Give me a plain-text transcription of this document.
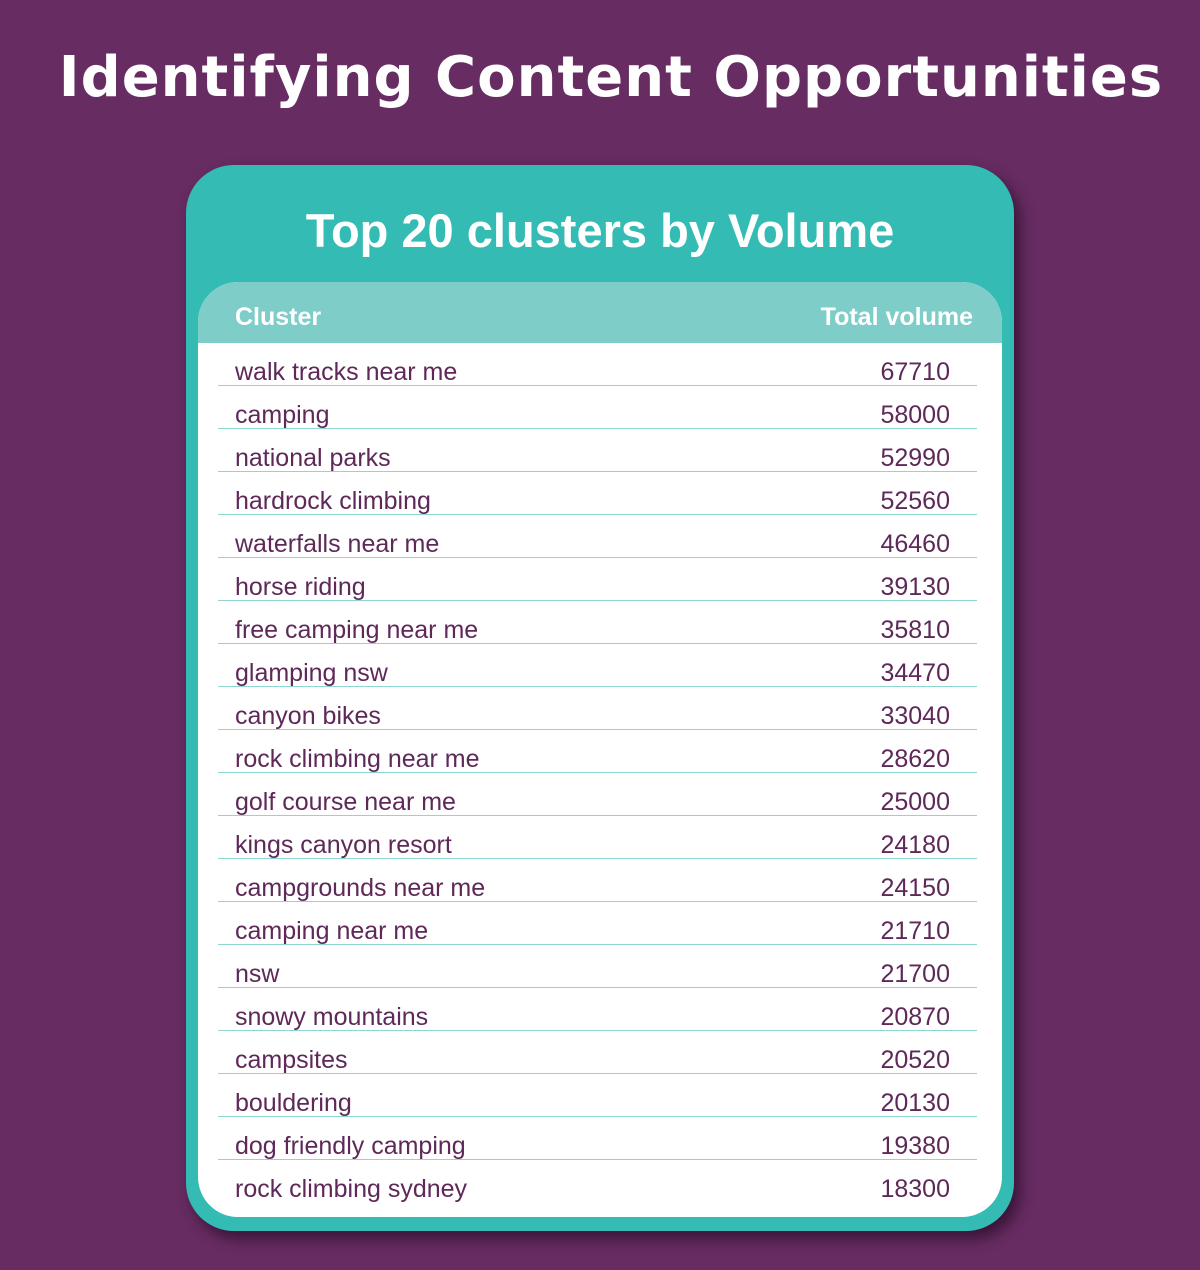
Identifying Content Opportunities
Top 20 clusters by Volume
Cluster	Total volume
walk tracks near me	67710
camping	58000
national parks	52990
hardrock climbing	52560
waterfalls near me	46460
horse riding	39130
free camping near me	35810
glamping nsw	34470
canyon bikes	33040
rock climbing near me	28620
golf course near me	25000
kings canyon resort	24180
campgrounds near me	24150
camping near me	21710
nsw	21700
snowy mountains	20870
campsites	20520
bouldering	20130
dog friendly camping	19380
rock climbing sydney	18300
